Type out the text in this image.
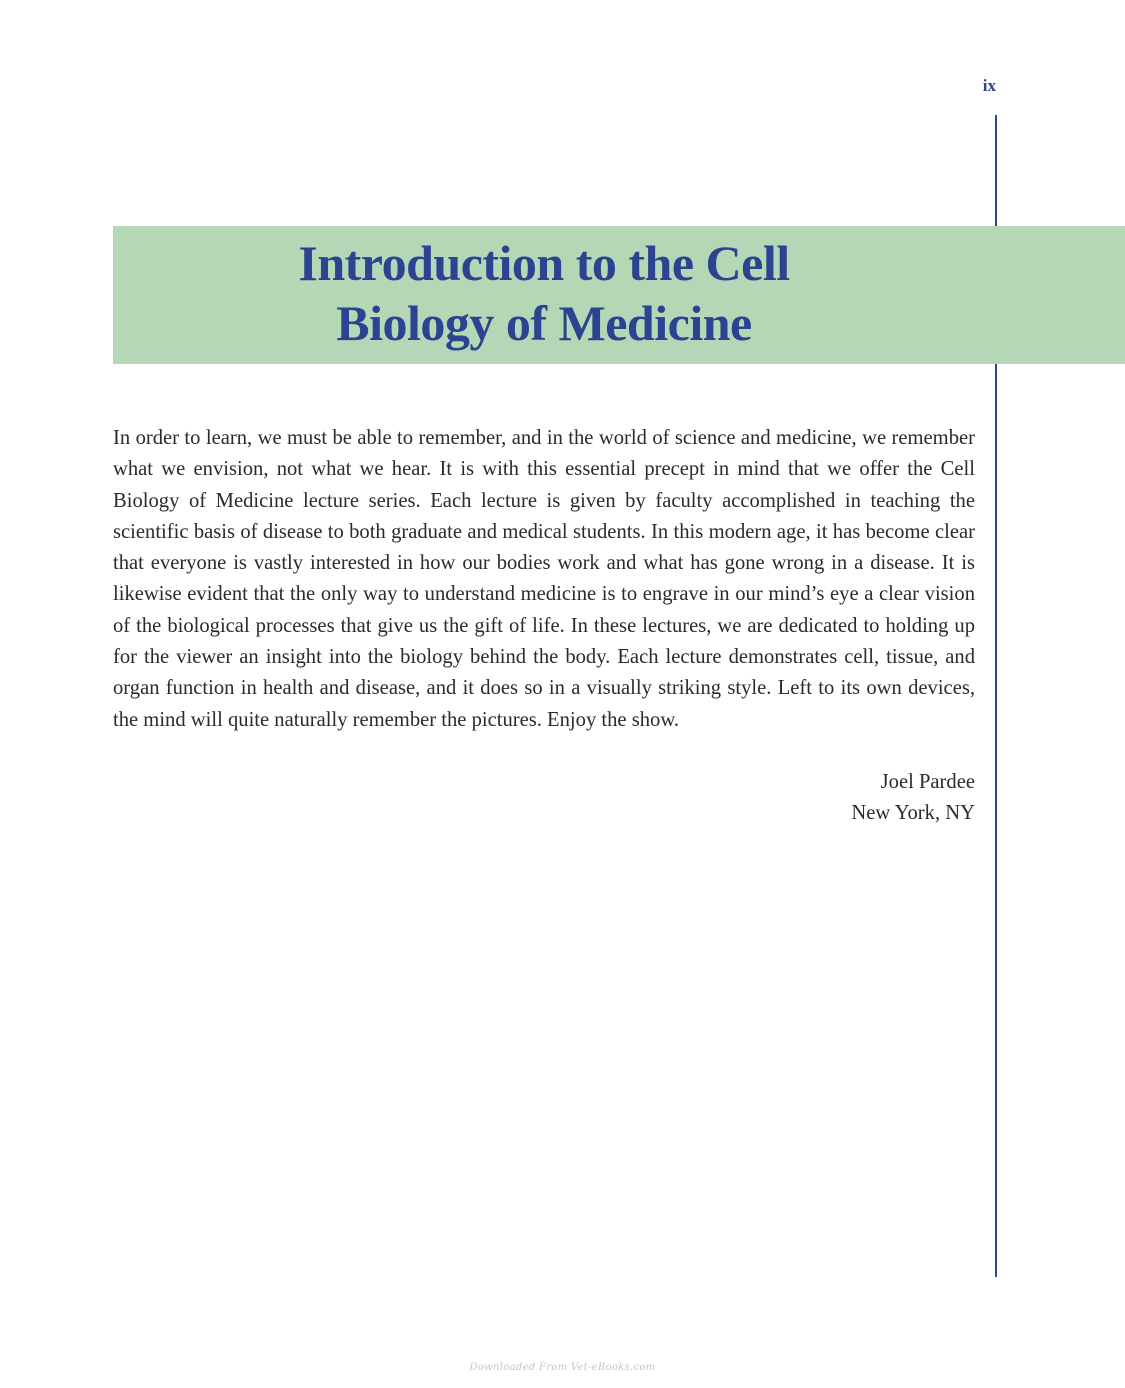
ix
Introduction to the Cell
Biology of Medicine

In order to learn, we must be able to remember, and in the world of science and medicine, we remember what we envision, not what we hear. It is with this essential precept in mind that we offer the Cell Biology of Medicine lecture series. Each lecture is given by faculty accomplished in teaching the scientific basis of disease to both graduate and medical students. In this modern age, it has become clear that everyone is vastly interested in how our bodies work and what has gone wrong in a disease. It is likewise evident that the only way to understand medicine is to engrave in our mind’s eye a clear vision of the biological processes that give us the gift of life. In these lectures, we are dedicated to holding up for the viewer an insight into the biology behind the body. Each lecture demonstrates cell, tissue, and organ function in health and disease, and it does so in a visually striking style. Left to its own devices, the mind will quite naturally remember the pictures. Enjoy the show.

Joel Pardee
New York, NY
Downloaded From Vet-eBooks.com
